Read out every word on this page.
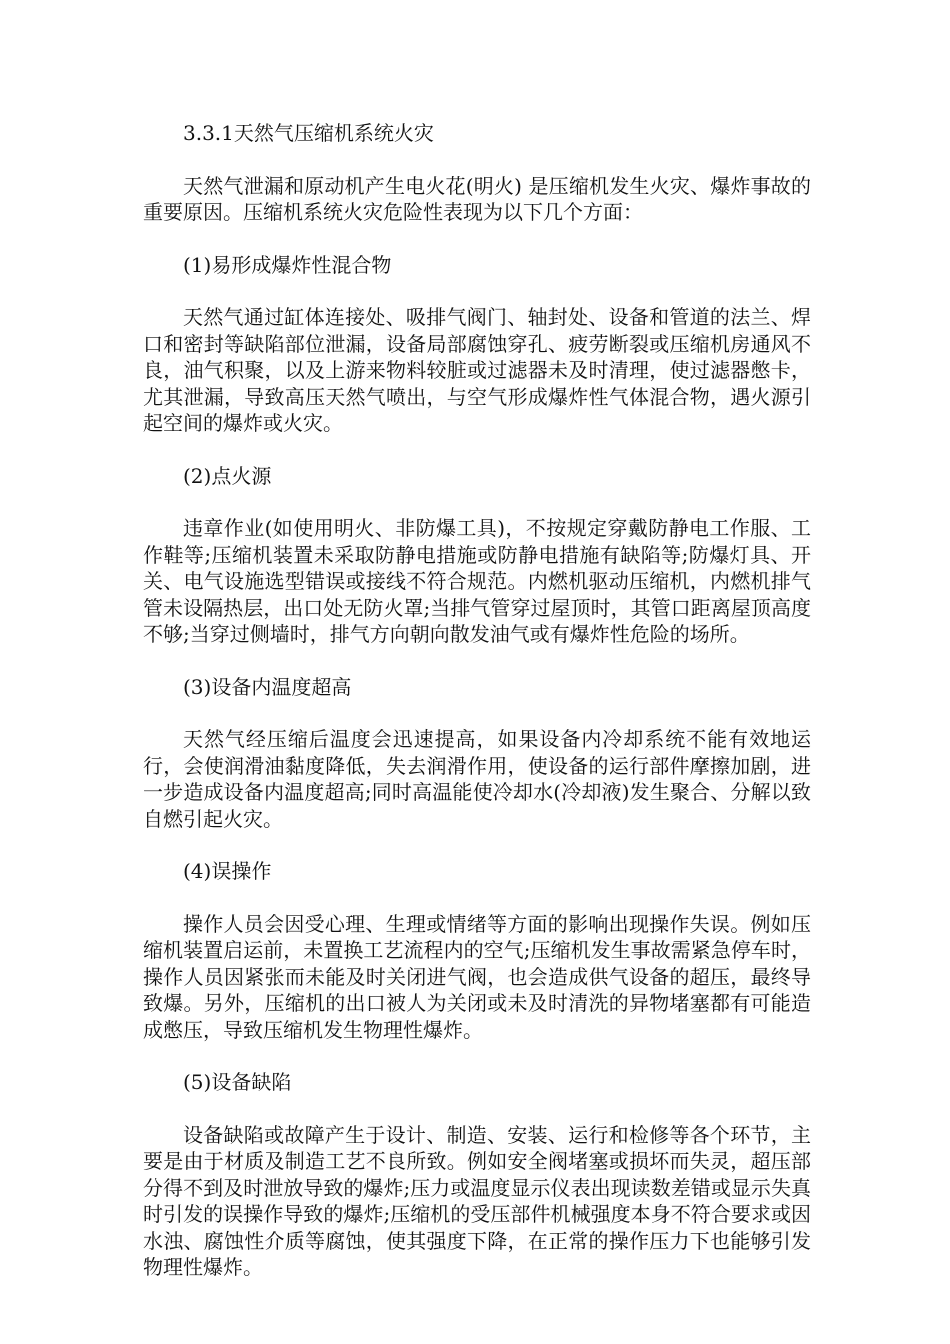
3.3.1天然气压缩机系统火灾

天然气泄漏和原动机产生电火花(明火) 是压缩机发生火灾、爆炸事故的重要原因。压缩机系统火灾危险性表现为以下几个方面：

(1)易形成爆炸性混合物

天然气通过缸体连接处、吸排气阀门、轴封处、设备和管道的法兰、焊口和密封等缺陷部位泄漏，设备局部腐蚀穿孔、疲劳断裂或压缩机房通风不良，油气积聚，以及上游来物料较脏或过滤器未及时清理，使过滤器憋卡，尤其泄漏，导致高压天然气喷出，与空气形成爆炸性气体混合物，遇火源引起空间的爆炸或火灾。

(2)点火源

违章作业(如使用明火、非防爆工具)，不按规定穿戴防静电工作服、工作鞋等;压缩机装置未采取防静电措施或防静电措施有缺陷等;防爆灯具、开关、电气设施选型错误或接线不符合规范。内燃机驱动压缩机，内燃机排气管未设隔热层，出口处无防火罩;当排气管穿过屋顶时，其管口距离屋顶高度不够;当穿过侧墙时，排气方向朝向散发油气或有爆炸性危险的场所。

(3)设备内温度超高

天然气经压缩后温度会迅速提高，如果设备内冷却系统不能有效地运行，会使润滑油黏度降低，失去润滑作用，使设备的运行部件摩擦加剧，进一步造成设备内温度超高;同时高温能使冷却水(冷却液)发生聚合、分解以致自燃引起火灾。

(4)误操作

操作人员会因受心理、生理或情绪等方面的影响出现操作失误。例如压缩机装置启运前，未置换工艺流程内的空气;压缩机发生事故需紧急停车时，操作人员因紧张而未能及时关闭进气阀，也会造成供气设备的超压，最终导致爆。另外，压缩机的出口被人为关闭或未及时清洗的异物堵塞都有可能造成憋压，导致压缩机发生物理性爆炸。

(5)设备缺陷

设备缺陷或故障产生于设计、制造、安装、运行和检修等各个环节，主要是由于材质及制造工艺不良所致。例如安全阀堵塞或损坏而失灵，超压部分得不到及时泄放导致的爆炸;压力或温度显示仪表出现读数差错或显示失真时引发的误操作导致的爆炸;压缩机的受压部件机械强度本身不符合要求或因水浊、腐蚀性介质等腐蚀，使其强度下降，在正常的操作压力下也能够引发物理性爆炸。
